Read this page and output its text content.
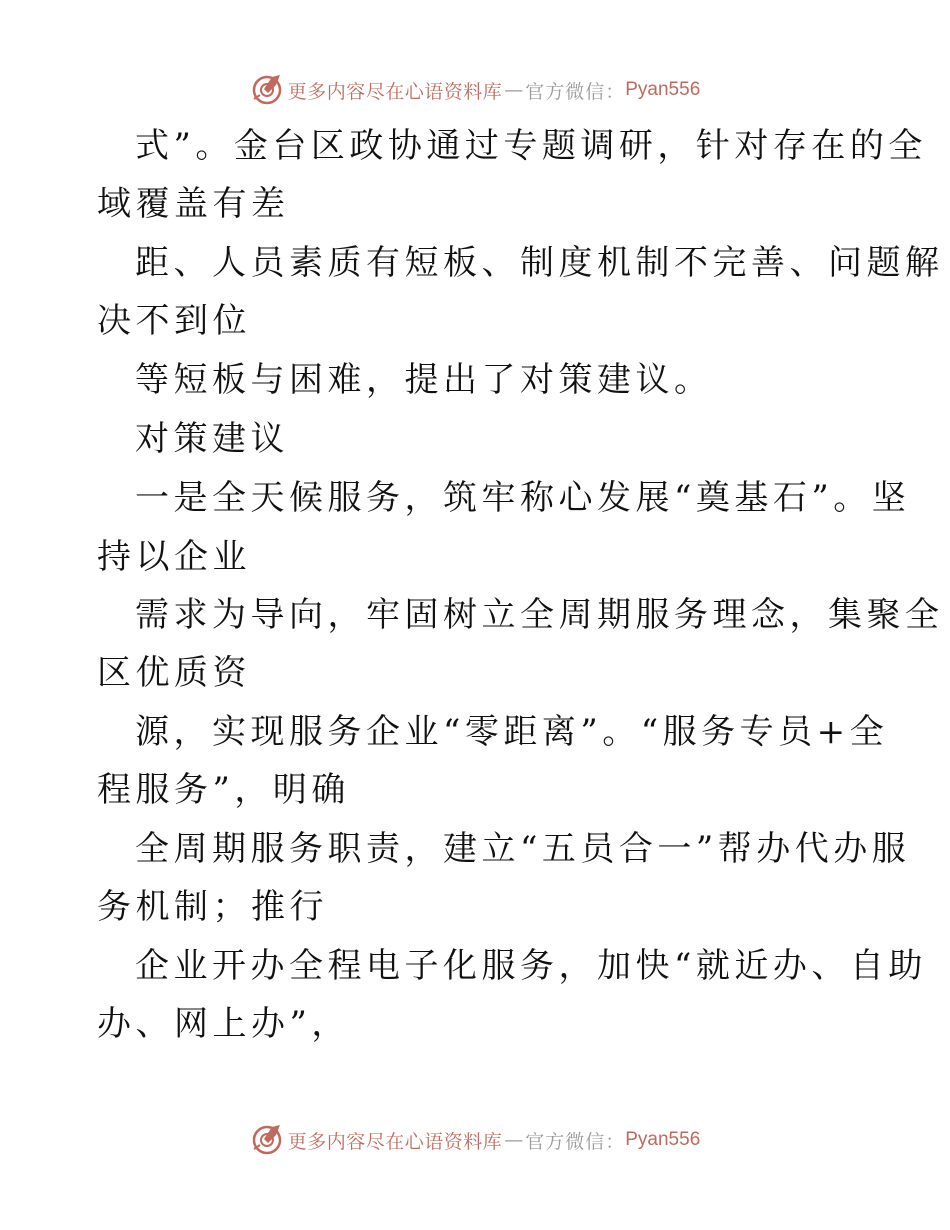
更多内容尽在心语资料库 — 官方微信： Pyan556
式”。金台区政协通过专题调研，针对存在的全
域覆盖有差
距、人员素质有短板、制度机制不完善、问题解
决不到位
等短板与困难，提出了对策建议。
对策建议
一是全天候服务，筑牢称心发展“奠基石”。坚
持以企业
需求为导向，牢固树立全周期服务理念，集聚全
区优质资
源，实现服务企业“零距离”。“服务专员+全
程服务”，明确
全周期服务职责，建立“五员合一”帮办代办服
务机制；推行
企业开办全程电子化服务，加快“就近办、自助
办、网上办”，
更多内容尽在心语资料库 — 官方微信： Pyan556
